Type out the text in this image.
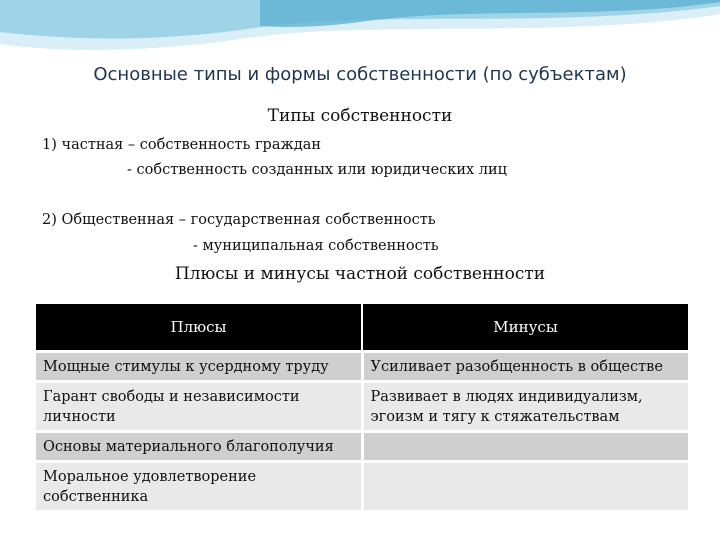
Основные типы и формы собственности (по субъектам)
Типы собственности
1) частная – собственность граждан
- собственность созданных или юридических лиц
2) Общественная – государственная собственность
- муниципальная собственность
Плюсы и минусы частной собственности
Плюсы	Минусы
Мощные стимулы к усердному труду	Усиливает разобщенность в обществе
Гарант свободы и независимости личности	Развивает в людях индивидуализм, эгоизм и тягу к стяжательствам
Основы материального благополучия	
Моральное удовлетворение собственника	
